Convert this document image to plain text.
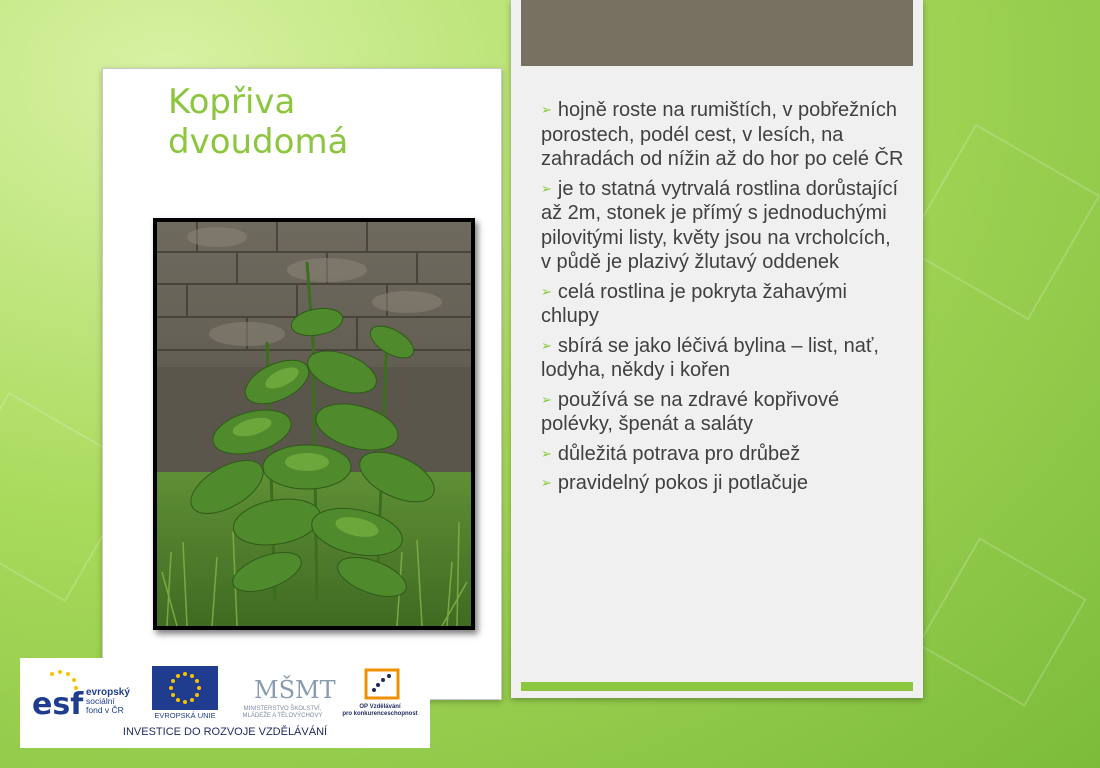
Kopřiva
dvoudomá
➢ hojně roste na rumištích, v pobřežních porostech, podél cest, v lesích, na zahradách od nížin až do hor po celé ČR
➢ je to statná vytrvalá rostlina dorůstající až 2m, stonek je přímý s jednoduchými pilovitými listy, květy jsou na vrcholcích, v půdě je plazivý žlutavý oddenek
➢ celá rostlina je pokryta žahavými chlupy
➢ sbírá se jako léčivá bylina – list, nať, lodyha, někdy i kořen
➢ používá se na zdravé kopřivové polévky, špenát a saláty
➢ důležitá potrava pro drůbež
➢ pravidelný pokos ji potlačuje
esf evropský
sociální
fond v ČR
EVROPSKÁ UNIE
MŠMT
MINISTERSTVO ŠKOLSTVÍ,
MLÁDEŽE A TĚLOVÝCHOVY
OP Vzdělávání
pro konkurenceschopnost
INVESTICE DO ROZVOJE VZDĚLÁVÁNÍ
